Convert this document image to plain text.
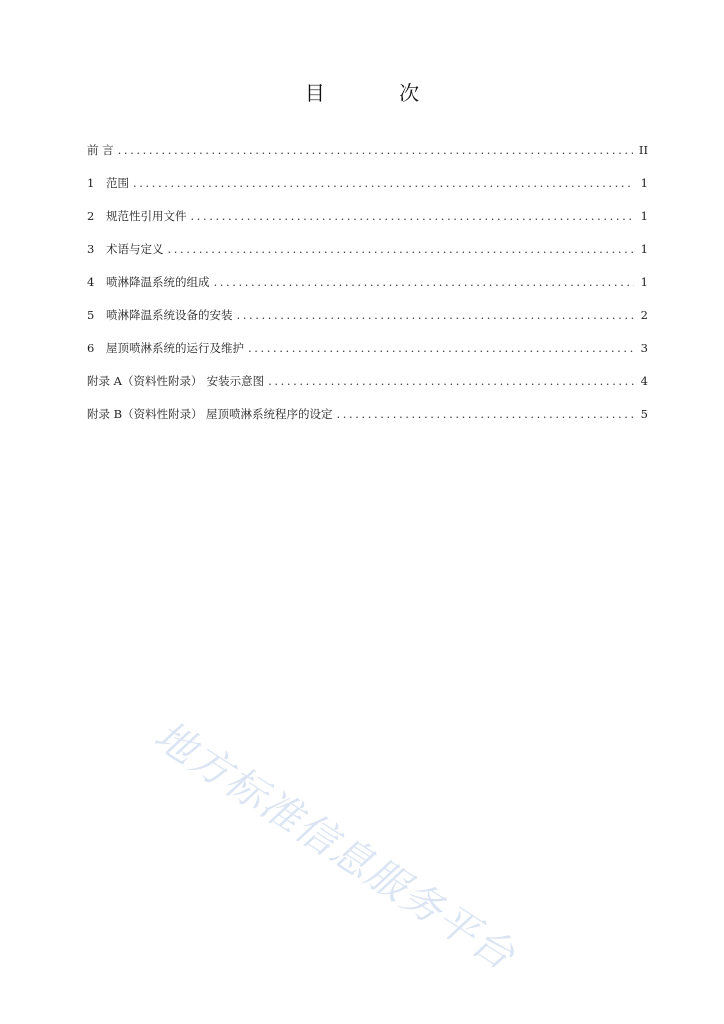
目 次
前 言 .....	II
1	范围 .....	1
2	规范性引用文件 .....	1
3	术语与定义 .....	1
4	喷淋降温系统的组成 .....	1
5	喷淋降温系统设备的安装 .....	2
6	屋顶喷淋系统的运行及维护 .....	3
附录 A（资料性附录） 安装示意图 .....	4
附录 B（资料性附录） 屋顶喷淋系统程序的设定 .....	5
地方标准信息服务平台
